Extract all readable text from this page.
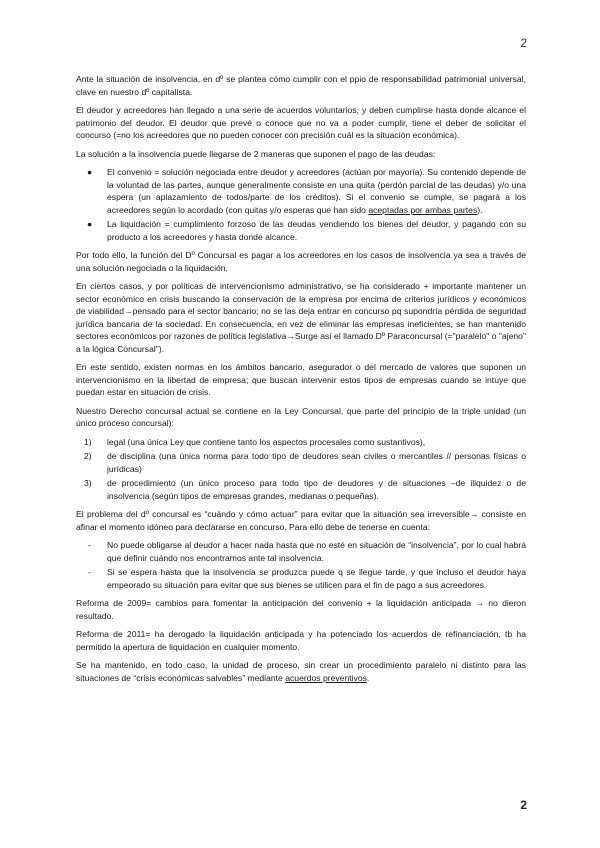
2

Ante la situación de insolvencia, en dº se plantea cómo cumplir con el ppio de responsabilidad patrimonial universal, clave en nuestro dº capitalista.

El deudor y acreedores han llegado a una serie de acuerdos voluntarios, y deben cumplirse hasta donde alcance el patrimonio del deudor. El deudor que prevé o conoce que no va a poder cumplir, tiene el deber de solicitar el concurso (=no los acreedores que no pueden conocer con precisión cuál es la situación económica).

La solución a la insolvencia puede llegarse de 2 maneras que suponen el pago de las deudas:

● El convenio = solución negociada entre deudor y acreedores (actúan por mayoría). Su contenido depende de la voluntad de las partes, aunque generalmente consiste en una quita (perdón parcial de las deudas) y/o una espera (un aplazamiento de todos/parte de los créditos). Si el convenio se cumple, se pagará a los acreedores según lo acordado (con quitas y/o esperas que han sido aceptadas por ambas partes).
● La liquidación = cumplimiento forzoso de las deudas vendiendo los bienes del deudor, y pagando con su producto a los acreedores y hasta donde alcance.

Por todo ello, la función del Dº Concursal es pagar a los acreedores en los casos de insolvencia ya sea a través de una solución negociada o la liquidación.

En ciertos casos, y por políticas de intervencionismo administrativo, se ha considerado + importante mantener un sector económico en crisis buscando la conservación de la empresa por encima de criterios jurídicos y económicos de viabilidad→pensado para el sector bancario; no se las deja entrar en concurso pq supondría pérdida de seguridad jurídica bancaria de la sociedad. En consecuencia, en vez de eliminar las empresas ineficientes, se han mantenido sectores económicos por razones de política legislativa→Surge así el llamado Dº Paraconcursal (="paralelo" o "ajeno" a la lógica Concursal").

En este sentido, existen normas en los ámbitos bancario, asegurador o del mercado de valores que suponen un intervencionismo en la libertad de empresa; que buscan intervenir estos tipos de empresas cuando se intuye que puedan estar en situación de crisis.

Nuestro Derecho concursal actual se contiene en la Ley Concursal, que parte del principio de la triple unidad (un único proceso concursal):

1) legal (una única Ley que contiene tanto los aspectos procesales como sustantivos),
2) de disciplina (una única norma para todo tipo de deudores sean civiles o mercantiles // personas físicas o jurídicas)
3) de procedimiento (un único proceso para todo tipo de deudores y de situaciones –de iliquidez o de insolvencia (según tipos de empresas grandes, medianas o pequeñas).

El problema del dº concursal es “cuándo y cómo actuar” para evitar que la situación sea irreversible→ consiste en afinar el momento idóneo para declararse en concurso. Para ello debe de tenerse en cuenta:

- No puede obligarse al deudor a hacer nada hasta que no esté en situación de “insolvencia”, por lo cual habrá que definir cuándo nos encontramos ante tal insolvencia.
- Si se espera hasta que la insolvencia se produzca puede q se llegue tarde, y que incluso el deudor haya empeorado su situación para evitar que sus bienes se utilicen para el fin de pago a sus acreedores.

Reforma de 2009= cambios para fomentar la anticipación del convenio + la liquidación anticipada → no dieron resultado.

Reforma de 2011= ha derogado la liquidación anticipada y ha potenciado los acuerdos de refinanciación, tb ha permitido la apertura de liquidación en cualquier momento.

Se ha mantenido, en todo caso, la unidad de proceso, sin crear un procedimiento paralelo ni distinto para las situaciones de “crisis económicas salvables” mediante acuerdos preventivos.

2
